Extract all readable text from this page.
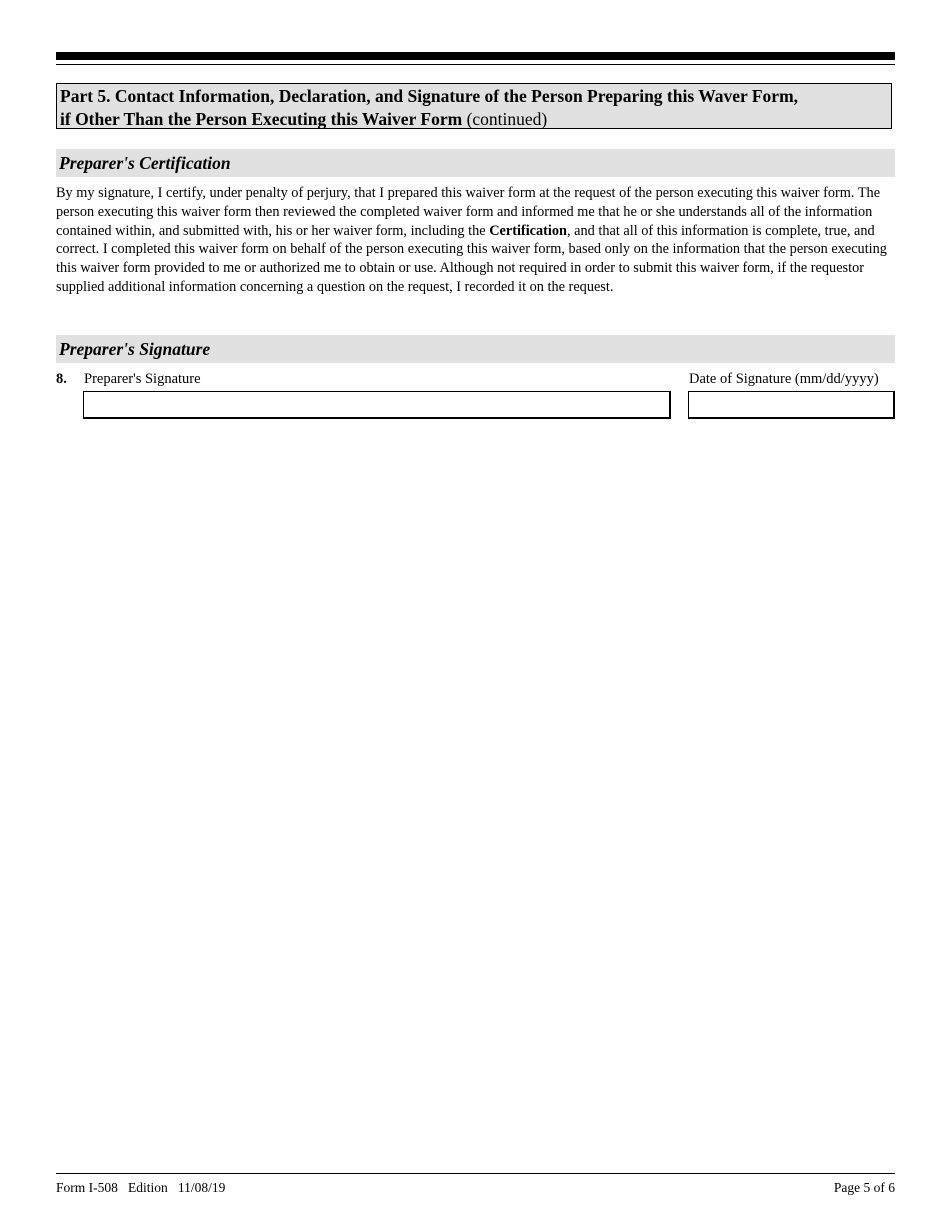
Part 5. Contact Information, Declaration, and Signature of the Person Preparing this Waver Form,
if Other Than the Person Executing this Waiver Form (continued)
Preparer's Certification
By my signature, I certify, under penalty of perjury, that I prepared this waiver form at the request of the person executing this waiver form. The person executing this waiver form then reviewed the completed waiver form and informed me that he or she understands all of the information contained within, and submitted with, his or her waiver form, including the Certification, and that all of this information is complete, true, and correct. I completed this waiver form on behalf of the person executing this waiver form, based only on the information that the person executing this waiver form provided to me or authorized me to obtain or use. Although not required in order to submit this waiver form, if the requestor supplied additional information concerning a question on the request, I recorded it on the request.
Preparer's Signature
8. Preparer's Signature	Date of Signature (mm/dd/yyyy)
Form I-508   Edition   11/08/19	Page 5 of 6
